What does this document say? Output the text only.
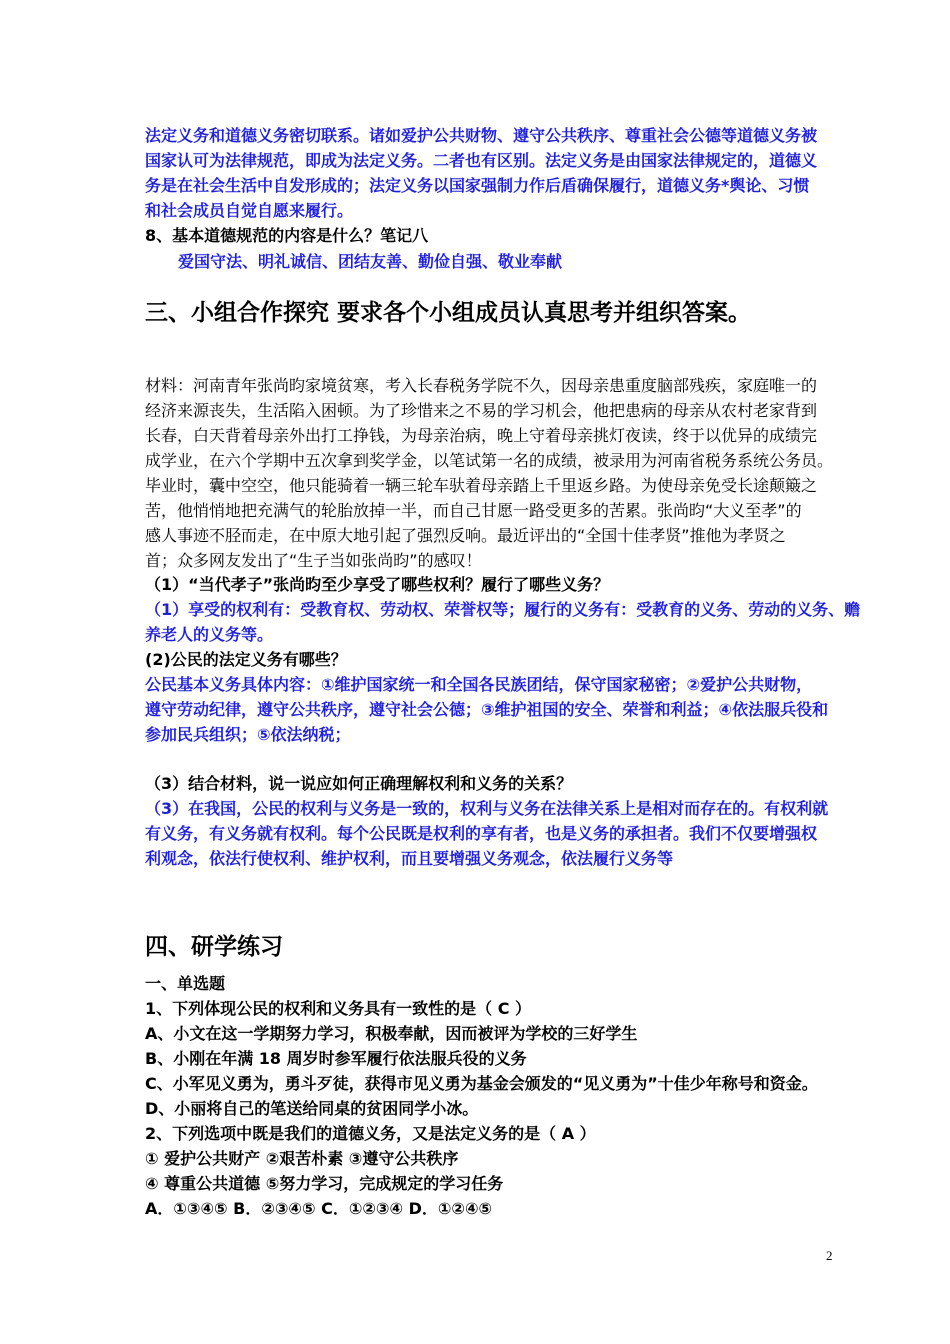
法定义务和道德义务密切联系。诸如爱护公共财物、遵守公共秩序、尊重社会公德等道德义务被
国家认可为法律规范，即成为法定义务。二者也有区别。法定义务是由国家法律规定的，道德义
务是在社会生活中自发形成的；法定义务以国家强制力作后盾确保履行，道德义务*舆论、习惯
和社会成员自觉自愿来履行。
8、基本道德规范的内容是什么？笔记八
爱国守法、明礼诚信、团结友善、勤俭自强、敬业奉献
三、小组合作探究 要求各个小组成员认真思考并组织答案。
材料：河南青年张尚昀家境贫寒，考入长春税务学院不久，因母亲患重度脑部残疾，家庭唯一的
经济来源丧失，生活陷入困顿。为了珍惜来之不易的学习机会，他把患病的母亲从农村老家背到
长春，白天背着母亲外出打工挣钱，为母亲治病，晚上守着母亲挑灯夜读，终于以优异的成绩完
成学业，在六个学期中五次拿到奖学金，以笔试第一名的成绩，被录用为河南省税务系统公务员。
毕业时，囊中空空，他只能骑着一辆三轮车驮着母亲踏上千里返乡路。为使母亲免受长途颠簸之
苦，他悄悄地把充满气的轮胎放掉一半，而自己甘愿一路受更多的苦累。张尚昀“大义至孝”的
感人事迹不胫而走，在中原大地引起了强烈反响。最近评出的“全国十佳孝贤”推他为孝贤之
首；众多网友发出了“生子当如张尚昀”的感叹！
（1）“当代孝子”张尚昀至少享受了哪些权利？履行了哪些义务？
（1）享受的权利有：受教育权、劳动权、荣誉权等；履行的义务有：受教育的义务、劳动的义务、赡
养老人的义务等。
(2)公民的法定义务有哪些？
公民基本义务具体内容：①维护国家统一和全国各民族团结，保守国家秘密；②爱护公共财物，
遵守劳动纪律，遵守公共秩序，遵守社会公德；③维护祖国的安全、荣誉和利益；④依法服兵役和
参加民兵组织；⑤依法纳税；
（3）结合材料，说一说应如何正确理解权利和义务的关系？
（3）在我国，公民的权利与义务是一致的，权利与义务在法律关系上是相对而存在的。有权利就
有义务，有义务就有权利。每个公民既是权利的享有者，也是义务的承担者。我们不仅要增强权
利观念，依法行使权利、维护权利，而且要增强义务观念，依法履行义务等
四、研学练习
一、单选题
1、下列体现公民的权利和义务具有一致性的是（ C ）
A、小文在这一学期努力学习，积极奉献，因而被评为学校的三好学生
B、小刚在年满 18 周岁时参军履行依法服兵役的义务
C、小军见义勇为，勇斗歹徒，获得市见义勇为基金会颁发的“见义勇为”十佳少年称号和资金。
D、小丽将自己的笔送给同桌的贫困同学小冰。
2、下列选项中既是我们的道德义务，又是法定义务的是（ A ）
① 爱护公共财产 ②艰苦朴素 ③遵守公共秩序
④ 尊重公共道德 ⑤努力学习，完成规定的学习任务
A．①③④⑤ B．②③④⑤ C．①②③④ D．①②④⑤
2
